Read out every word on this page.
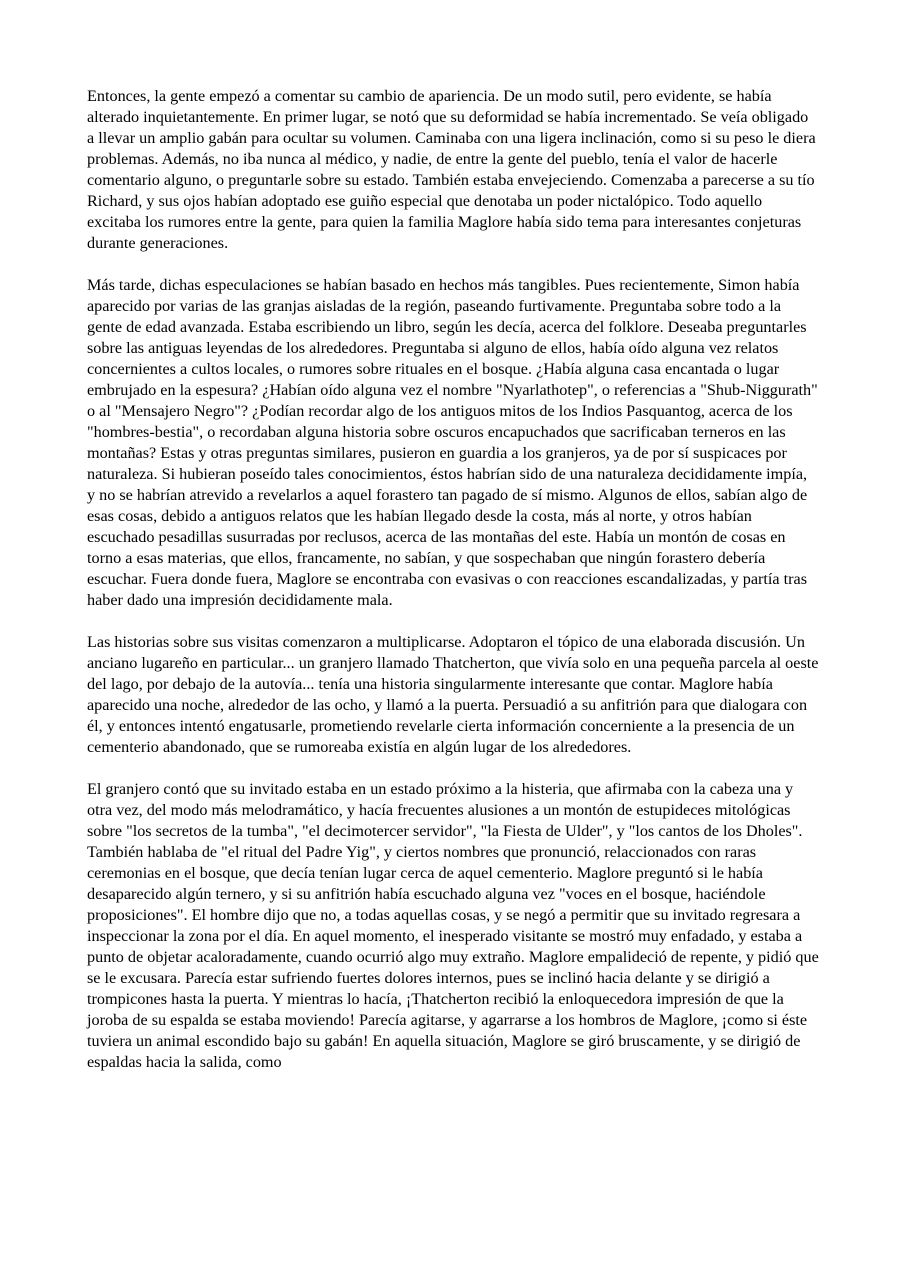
Entonces, la gente empezó a comentar su cambio de apariencia. De un modo sutil, pero evidente, se había alterado inquietantemente. En primer lugar, se notó que su deformidad se había incrementado. Se veía obligado a llevar un amplio gabán para ocultar su volumen. Caminaba con una ligera inclinación, como si su peso le diera problemas. Además, no iba nunca al médico, y nadie, de entre la gente del pueblo, tenía el valor de hacerle comentario alguno, o preguntarle sobre su estado. También estaba envejeciendo. Comenzaba a parecerse a su tío Richard, y sus ojos habían adoptado ese guiño especial que denotaba un poder nictalópico. Todo aquello excitaba los rumores entre la gente, para quien la familia Maglore había sido tema para interesantes conjeturas durante generaciones.

Más tarde, dichas especulaciones se habían basado en hechos más tangibles. Pues recientemente, Simon había aparecido por varias de las granjas aisladas de la región, paseando furtivamente. Preguntaba sobre todo a la gente de edad avanzada. Estaba escribiendo un libro, según les decía, acerca del folklore. Deseaba preguntarles sobre las antiguas leyendas de los alrededores. Preguntaba si alguno de ellos, había oído alguna vez relatos concernientes a cultos locales, o rumores sobre rituales en el bosque. ¿Había alguna casa encantada o lugar embrujado en la espesura? ¿Habían oído alguna vez el nombre "Nyarlathotep", o referencias a "Shub-Niggurath" o al "Mensajero Negro"? ¿Podían recordar algo de los antiguos mitos de los Indios Pasquantog, acerca de los "hombres-bestia", o recordaban alguna historia sobre oscuros encapuchados que sacrificaban terneros en las montañas? Estas y otras preguntas similares, pusieron en guardia a los granjeros, ya de por sí suspicaces por naturaleza. Si hubieran poseído tales conocimientos, éstos habrían sido de una naturaleza decididamente impía, y no se habrían atrevido a revelarlos a aquel forastero tan pagado de sí mismo. Algunos de ellos, sabían algo de esas cosas, debido a antiguos relatos que les habían llegado desde la costa, más al norte, y otros habían escuchado pesadillas susurradas por reclusos, acerca de las montañas del este. Había un montón de cosas en torno a esas materias, que ellos, francamente, no sabían, y que sospechaban que ningún forastero debería escuchar. Fuera donde fuera, Maglore se encontraba con evasivas o con reacciones escandalizadas, y partía tras haber dado una impresión decididamente mala.

Las historias sobre sus visitas comenzaron a multiplicarse. Adoptaron el tópico de una elaborada discusión. Un anciano lugareño en particular... un granjero llamado Thatcherton, que vivía solo en una pequeña parcela al oeste del lago, por debajo de la autovía... tenía una historia singularmente interesante que contar. Maglore había aparecido una noche, alrededor de las ocho, y llamó a la puerta. Persuadió a su anfitrión para que dialogara con él, y entonces intentó engatusarle, prometiendo revelarle cierta información concerniente a la presencia de un cementerio abandonado, que se rumoreaba existía en algún lugar de los alrededores.

El granjero contó que su invitado estaba en un estado próximo a la histeria, que afirmaba con la cabeza una y otra vez, del modo más melodramático, y hacía frecuentes alusiones a un montón de estupideces mitológicas sobre "los secretos de la tumba", "el decimotercer servidor", "la Fiesta de Ulder", y "los cantos de los Dholes". También hablaba de "el ritual del Padre Yig", y ciertos nombres que pronunció, relaccionados con raras ceremonias en el bosque, que decía tenían lugar cerca de aquel cementerio. Maglore preguntó si le había desaparecido algún ternero, y si su anfitrión había escuchado alguna vez "voces en el bosque, haciéndole proposiciones". El hombre dijo que no, a todas aquellas cosas, y se negó a permitir que su invitado regresara a inspeccionar la zona por el día. En aquel momento, el inesperado visitante se mostró muy enfadado, y estaba a punto de objetar acaloradamente, cuando ocurrió algo muy extraño. Maglore empalideció de repente, y pidió que se le excusara. Parecía estar sufriendo fuertes dolores internos, pues se inclinó hacia delante y se dirigió a trompicones hasta la puerta. Y mientras lo hacía, ¡Thatcherton recibió la enloquecedora impresión de que la joroba de su espalda se estaba moviendo! Parecía agitarse, y agarrarse a los hombros de Maglore, ¡como si éste tuviera un animal escondido bajo su gabán! En aquella situación, Maglore se giró bruscamente, y se dirigió de espaldas hacia la salida, como
